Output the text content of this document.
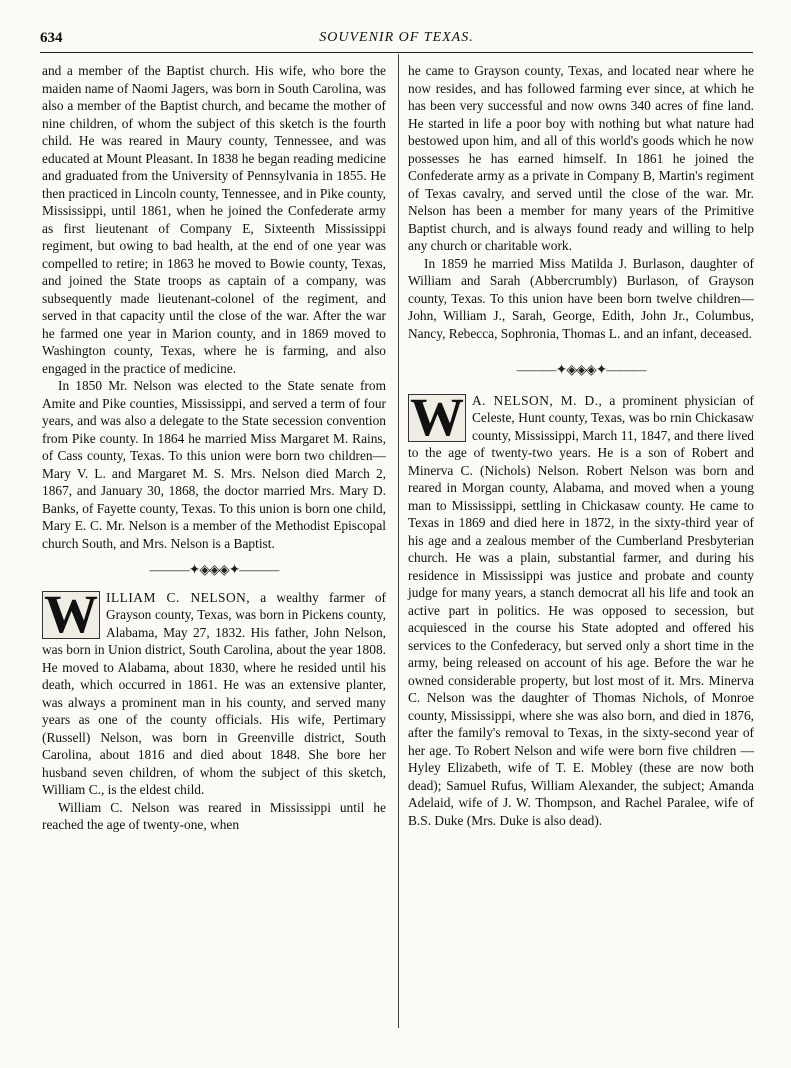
634	SOUVENIR OF TEXAS.

and a member of the Baptist church. His wife, who bore the maiden name of Naomi Jagers, was born in South Carolina, was also a member of the Baptist church, and became the mother of nine children, of whom the subject of this sketch is the fourth child. He was reared in Maury county, Tennessee, and was educated at Mount Pleasant. In 1838 he began reading medicine and graduated from the University of Pennsylvania in 1855. He then practiced in Lincoln county, Tennessee, and in Pike county, Mississippi, until 1861, when he joined the Confederate army as first lieutenant of Company E, Sixteenth Mississippi regiment, but owing to bad health, at the end of one year was compelled to retire; in 1863 he moved to Bowie county, Texas, and joined the State troops as captain of a company, was subsequently made lieutenant-colonel of the regiment, and served in that capacity until the close of the war. After the war he farmed one year in Marion county, and in 1869 moved to Washington county, Texas, where he is farming, and also engaged in the practice of medicine.

In 1850 Mr. Nelson was elected to the State senate from Amite and Pike counties, Mississippi, and served a term of four years, and was also a delegate to the State secession convention from Pike county. In 1864 he married Miss Margaret M. Rains, of Cass county, Texas. To this union were born two children—Mary V. L. and Margaret M. S. Mrs. Nelson died March 2, 1867, and January 30, 1868, the doctor married Mrs. Mary D. Banks, of Fayette county, Texas. To this union is born one child, Mary E. C. Mr. Nelson is a member of the Methodist Episcopal church South, and Mrs. Nelson is a Baptist.

———✦◈◈◈✦———

W ILLIAM C. NELSON, a wealthy farmer of Grayson county, Texas, was born in Pickens county, Alabama, May 27, 1832. His father, John Nelson, was born in Union district, South Carolina, about the year 1808. He moved to Alabama, about 1830, where he resided until his death, which occurred in 1861. He was an extensive planter, was always a prominent man in his county, and served many years as one of the county officials. His wife, Pertimary (Russell) Nelson, was born in Greenville district, South Carolina, about 1816 and died about 1848. She bore her husband seven children, of whom the subject of this sketch, William C., is the eldest child.

William C. Nelson was reared in Mississippi until he reached the age of twenty-one, when

he came to Grayson county, Texas, and located near where he now resides, and has followed farming ever since, at which he has been very successful and now owns 340 acres of fine land. He started in life a poor boy with nothing but what nature had bestowed upon him, and all of this world's goods which he now possesses he has earned himself. In 1861 he joined the Confederate army as a private in Company B, Martin's regiment of Texas cavalry, and served until the close of the war. Mr. Nelson has been a member for many years of the Primitive Baptist church, and is always found ready and willing to help any church or charitable work.

In 1859 he married Miss Matilda J. Burlason, daughter of William and Sarah (Abbercrumbly) Burlason, of Grayson county, Texas. To this union have been born twelve children—John, William J., Sarah, George, Edith, John Jr., Columbus, Nancy, Rebecca, Sophronia, Thomas L. and an infant, deceased.

———✦◈◈◈✦———

W A. NELSON, M. D., a prominent physician of Celeste, Hunt county, Texas, was bo rnin Chickasaw county, Mississippi, March 11, 1847, and there lived to the age of twenty-two years. He is a son of Robert and Minerva C. (Nichols) Nelson. Robert Nelson was born and reared in Morgan county, Alabama, and moved when a young man to Mississippi, settling in Chickasaw county. He came to Texas in 1869 and died here in 1872, in the sixty-third year of his age and a zealous member of the Cumberland Presbyterian church. He was a plain, substantial farmer, and during his residence in Mississippi was justice and probate and county judge for many years, a stanch democrat all his life and took an active part in politics. He was opposed to secession, but acquiesced in the course his State adopted and offered his services to the Confederacy, but served only a short time in the army, being released on account of his age. Before the war he owned considerable property, but lost most of it. Mrs. Minerva C. Nelson was the daughter of Thomas Nichols, of Monroe county, Mississippi, where she was also born, and died in 1876, after the family's removal to Texas, in the sixty-second year of her age. To Robert Nelson and wife were born five children —Hyley Elizabeth, wife of T. E. Mobley (these are now both dead); Samuel Rufus, William Alexander, the subject; Amanda Adelaid, wife of J. W. Thompson, and Rachel Paralee, wife of B.S. Duke (Mrs. Duke is also dead).
